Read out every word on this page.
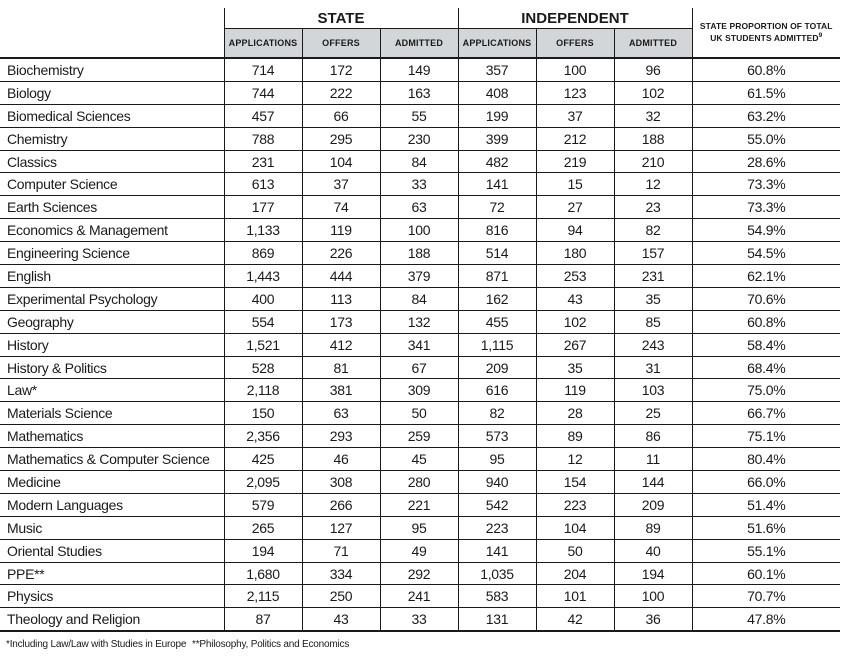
	STATE			INDEPENDENT			STATE PROPORTION OF TOTAL
UK STUDENTS ADMITTED$^9$

	APPLICATIONS	OFFERS	ADMITTED	APPLICATIONS	OFFERS	ADMITTED	
Biochemistry	714	172	149	357	100	96	60.8%
Biology	744	222	163	408	123	102	61.5%
Biomedical Sciences	457	66	55	199	37	32	63.2%
Chemistry	788	295	230	399	212	188	55.0%
Classics	231	104	84	482	219	210	28.6%
Computer Science	613	37	33	141	15	12	73.3%
Earth Sciences	177	74	63	72	27	23	73.3%
Economics & Management	1,133	119	100	816	94	82	54.9%
Engineering Science	869	226	188	514	180	157	54.5%
English	1,443	444	379	871	253	231	62.1%
Experimental Psychology	400	113	84	162	43	35	70.6%
Geography	554	173	132	455	102	85	60.8%
History	1,521	412	341	1,115	267	243	58.4%
History & Politics	528	81	67	209	35	31	68.4%
Law*	2,118	381	309	616	119	103	75.0%
Materials Science	150	63	50	82	28	25	66.7%
Mathematics	2,356	293	259	573	89	86	75.1%
Mathematics & Computer Science	425	46	45	95	12	11	80.4%
Medicine	2,095	308	280	940	154	144	66.0%
Modern Languages	579	266	221	542	223	209	51.4%
Music	265	127	95	223	104	89	51.6%
Oriental Studies	194	71	49	141	50	40	55.1%
PPE**	1,680	334	292	1,035	204	194	60.1%
Physics	2,115	250	241	583	101	100	70.7%
Theology and Religion	87	43	33	131	42	36	47.8%
*Including Law/Law with Studies in Europe **Philosophy, Politics and Economics
